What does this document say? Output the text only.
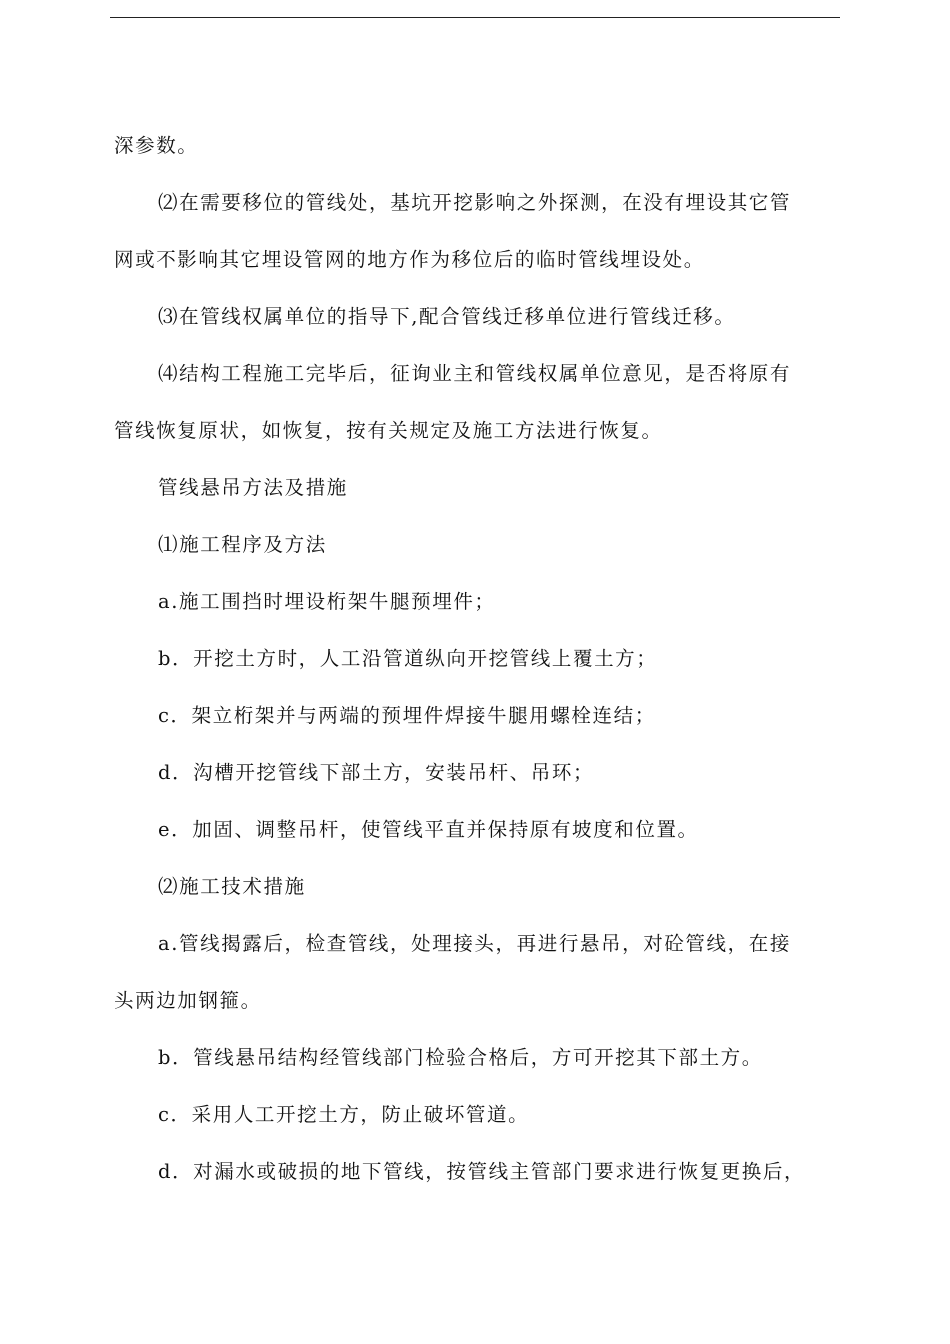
深参数。
⑵在需要移位的管线处，基坑开挖影响之外探测，在没有埋设其它管
网或不影响其它埋设管网的地方作为移位后的临时管线埋设处。
⑶在管线权属单位的指导下,配合管线迁移单位进行管线迁移。
⑷结构工程施工完毕后，征询业主和管线权属单位意见，是否将原有
管线恢复原状，如恢复，按有关规定及施工方法进行恢复。
管线悬吊方法及措施
⑴施工程序及方法
a.施工围挡时埋设桁架牛腿预埋件；
b．开挖土方时，人工沿管道纵向开挖管线上覆土方；
c．架立桁架并与两端的预埋件焊接牛腿用螺栓连结；
d．沟槽开挖管线下部土方，安装吊杆、吊环；
e．加固、调整吊杆，使管线平直并保持原有坡度和位置。
⑵施工技术措施
a.管线揭露后，检查管线，处理接头，再进行悬吊，对砼管线，在接
头两边加钢箍。
b．管线悬吊结构经管线部门检验合格后，方可开挖其下部土方。
c．采用人工开挖土方，防止破坏管道。
d．对漏水或破损的地下管线，按管线主管部门要求进行恢复更换后，
